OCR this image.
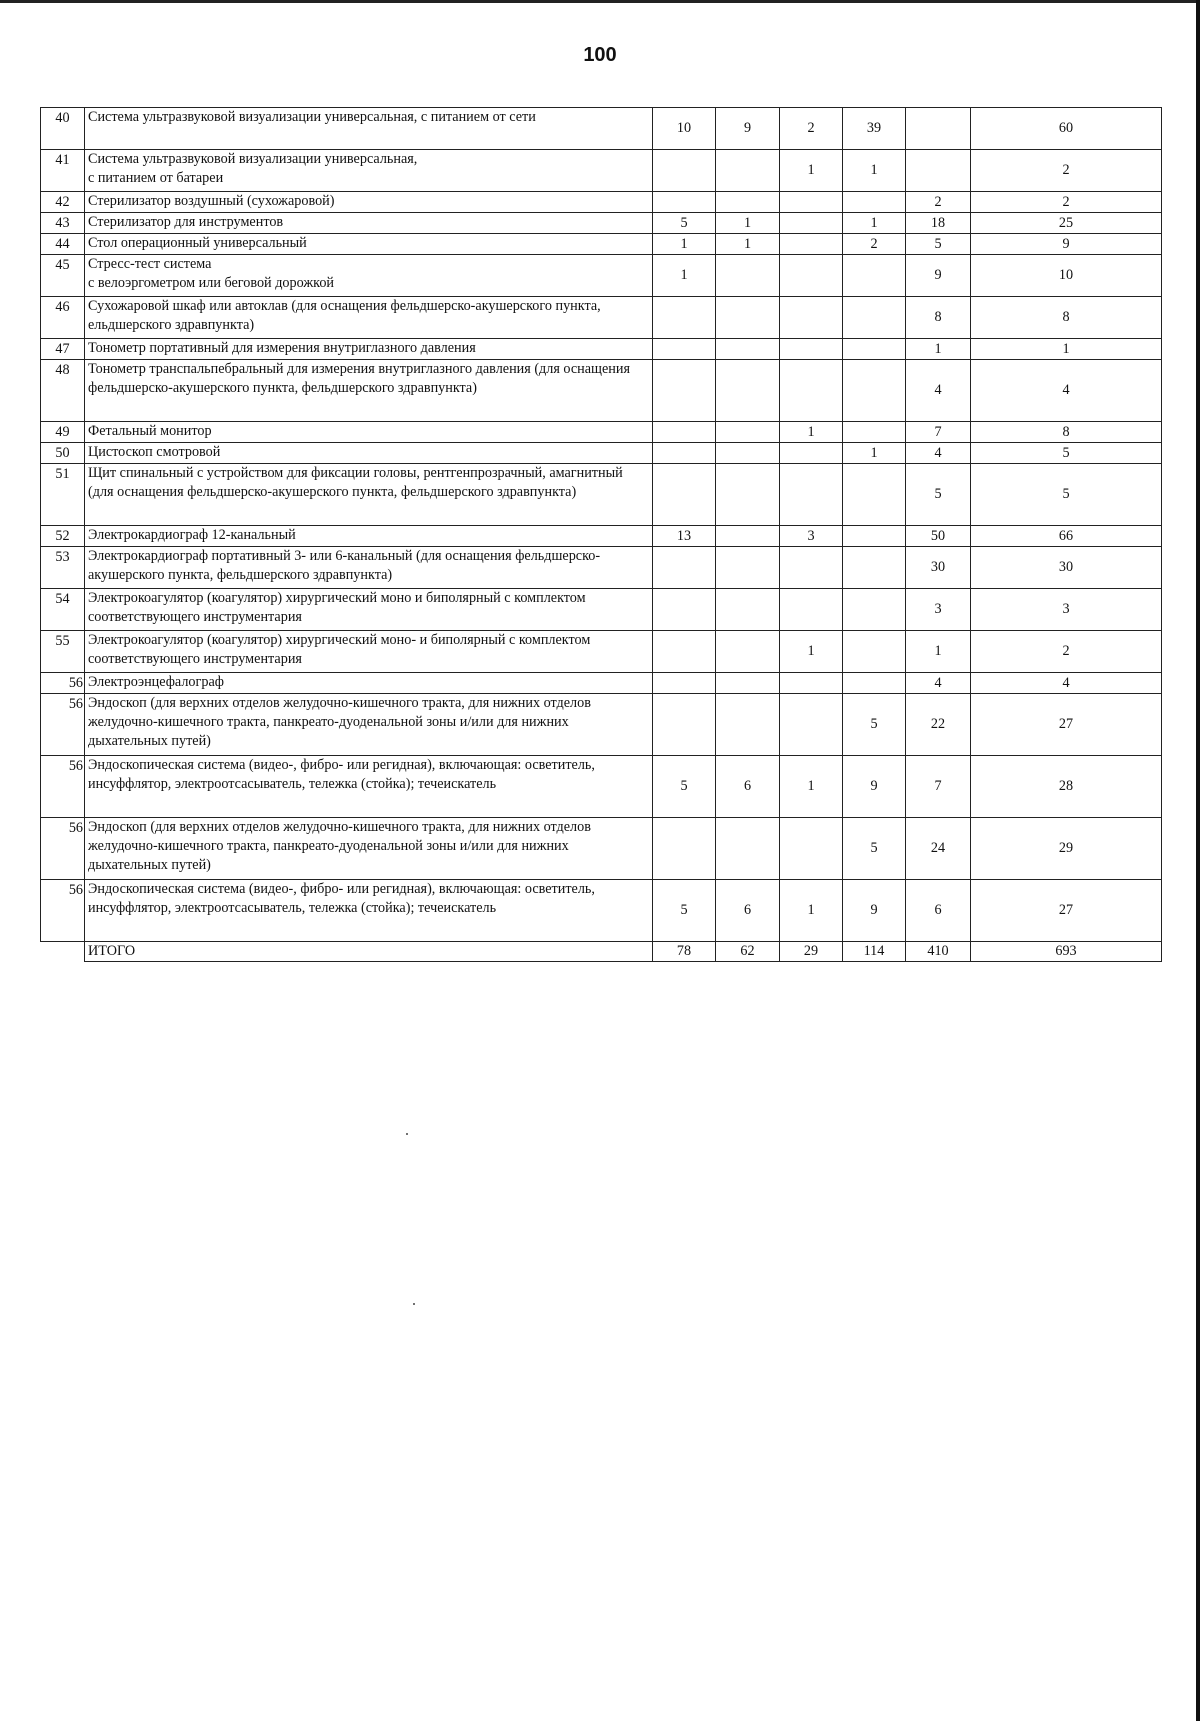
100
40	Система ультразвуковой визуализации универсальная, с питанием от сети	10	9	2	39		60
41	Система ультразвуковой визуализации универсальная,
с питанием от батареи			1	1		2
42	Стерилизатор воздушный (сухожаровой)					2	2
43	Стерилизатор для инструментов	5	1		1	18	25
44	Стол операционный универсальный	1	1		2	5	9
45	Стресс-тест система
с велоэргометром или беговой дорожкой	1				9	10
46	Сухожаровой шкаф или автоклав (для оснащения фельдшерско-акушерского пункта, ельдшерского здравпункта)					8	8
47	Тонометр портативный для измерения внутриглазного давления					1	1
48	Тонометр транспальпебральный для измерения внутриглазного давления (для оснащения фельдшерско-акушерского пункта, фельдшерского здравпункта)					4	4
49	Фетальный монитор			1		7	8
50	Цистоскоп смотровой				1	4	5
51	Щит спинальный с устройством для фиксации головы, рентгенпрозрачный, амагнитный (для оснащения фельдшерско-акушерского пункта, фельдшерского здравпункта)					5	5
52	Электрокардиограф 12-канальный	13		3		50	66
53	Электрокардиограф портативный 3- или 6-канальный (для оснащения фельдшерско-акушерского пункта, фельдшерского здравпункта)					30	30
54	Электрокоагулятор (коагулятор) хирургический моно и биполярный с комплектом соответствующего инструментария					3	3
55	Электрокоагулятор (коагулятор) хирургический моно- и биполярный с комплектом соответствующего инструментария			1		1	2
56	Электроэнцефалограф					4	4
56	Эндоскоп (для верхних отделов желудочно-кишечного тракта, для нижних отделов желудочно-кишечного тракта, панкреато-дуоденальной зоны и/или для нижних дыхательных путей)				5	22	27
56	Эндоскопическая система (видео-, фибро- или регидная), включающая: осветитель, инсуффлятор, электроотсасыватель, тележка (стойка); течеискатель	5	6	1	9	7	28
56	Эндоскоп (для верхних отделов желудочно-кишечного тракта, для нижних отделов желудочно-кишечного тракта, панкреато-дуоденальной зоны и/или для нижних дыхательных путей)				5	24	29
56	Эндоскопическая система (видео-, фибро- или регидная), включающая: осветитель, инсуффлятор, электроотсасыватель, тележка (стойка); течеискатель	5	6	1	9	6	27
	ИТОГО	78	62	29	114	410	693
